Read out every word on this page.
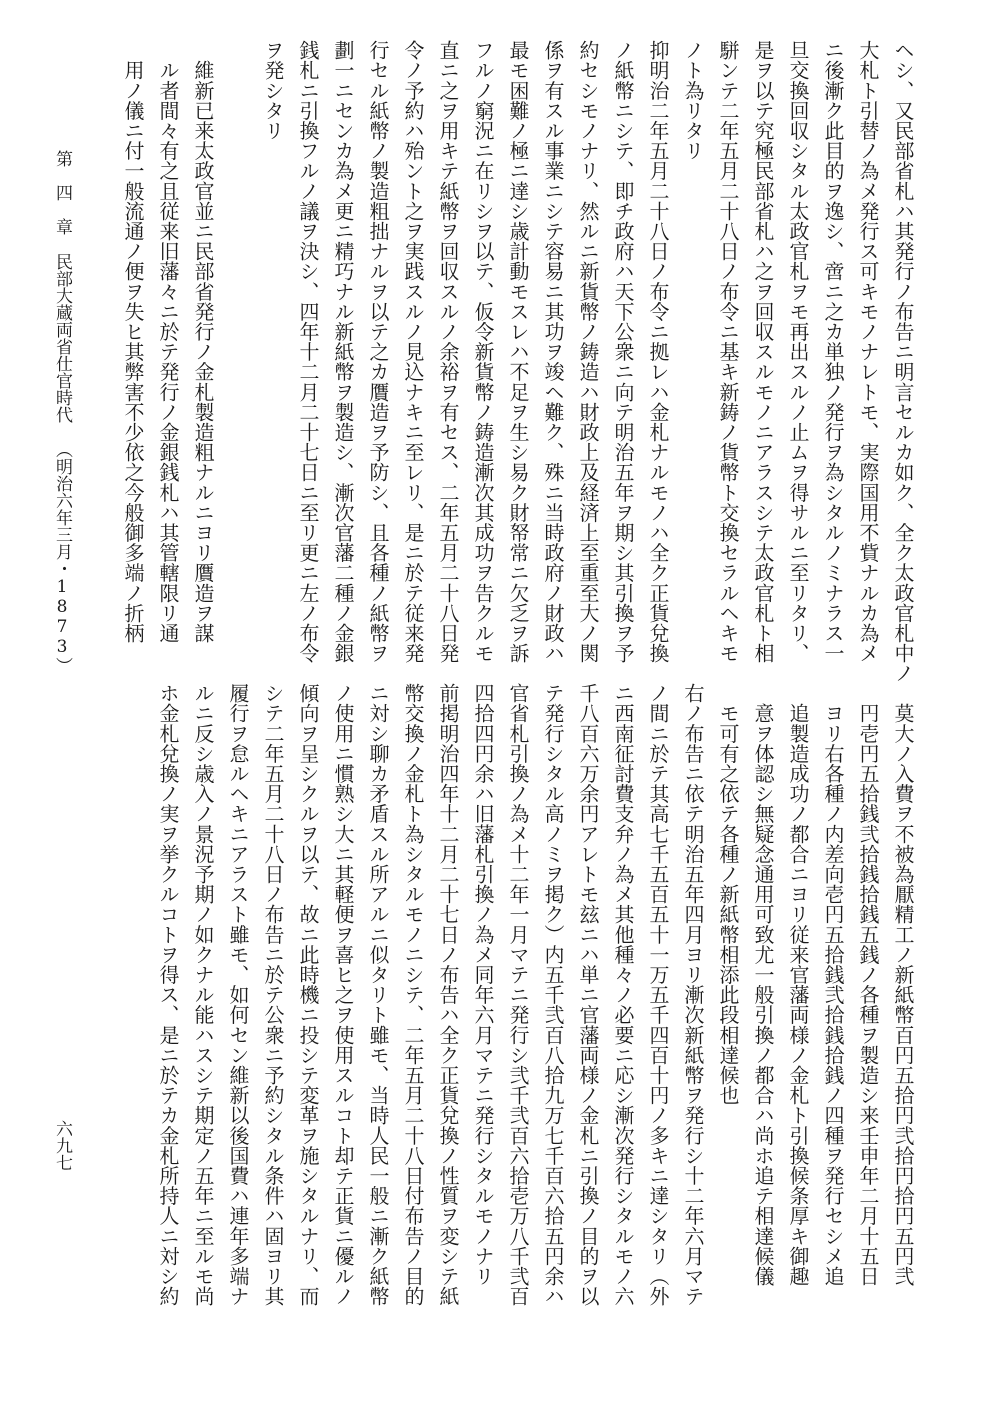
ヘシ、又民部省札ハ其発行ノ布告ニ明言セルカ如ク、全ク太政官札中ノ

大札ト引替ノ為メ発行ス可キモノナレトモ、実際国用不貲ナルカ為メ

ニ後漸ク此目的ヲ逸シ、啻ニ之カ単独ノ発行ヲ為シタルノミナラス一

旦交換回収シタル太政官札ヲモ再出スルノ止ムヲ得サルニ至リタリ、

是ヲ以テ究極民部省札ハ之ヲ回収スルモノニアラスシテ太政官札ト相

駢ンテ二年五月二十八日ノ布令ニ基キ新鋳ノ貨幣ト交換セラルヘキモ

ノト為リタリ

抑明治二年五月二十八日ノ布令ニ拠レハ金札ナルモノハ全ク正貨兌換

ノ紙幣ニシテ、即チ政府ハ天下公衆ニ向テ明治五年ヲ期シ其引換ヲ予

約セシモノナリ、然ルニ新貨幣ノ鋳造ハ財政上及経済上至重至大ノ関

係ヲ有スル事業ニシテ容易ニ其功ヲ竣ヘ難ク、殊ニ当時政府ノ財政ハ

最モ困難ノ極ニ達シ歳計動モスレハ不足ヲ生シ易ク財帑常ニ欠乏ヲ訴

フルノ窮況ニ在リシヲ以テ、仮令新貨幣ノ鋳造漸次其成功ヲ告クルモ

直ニ之ヲ用キテ紙幣ヲ回収スルノ余裕ヲ有セス、二年五月二十八日発

令ノ予約ハ殆ント之ヲ実践スルノ見込ナキニ至レリ、是ニ於テ従来発

行セル紙幣ノ製造粗拙ナルヲ以テ之カ贋造ヲ予防シ、且各種ノ紙幣ヲ

劃一ニセンカ為メ更ニ精巧ナル新紙幣ヲ製造シ、漸次官藩二種ノ金銀

銭札ニ引換フルノ議ヲ決シ、四年十二月二十七日ニ至リ更ニ左ノ布令

ヲ発シタリ

　維新已来太政官並ニ民部省発行ノ金札製造粗ナルニヨリ贋造ヲ謀

　ル者間々有之且従来旧藩々ニ於テ発行ノ金銀銭札ハ其管轄限リ通

　用ノ儀ニ付一般流通ノ便ヲ失ヒ其弊害不少依之今般御多端ノ折柄

　莫大ノ入費ヲ不被為厭精工ノ新紙幣百円五拾円弐拾円拾円五円弐

　円壱円五拾銭弐拾銭拾銭五銭ノ各種ヲ製造シ来壬申年二月十五日

　ヨリ右各種ノ内差向壱円五拾銭弐拾銭拾銭ノ四種ヲ発行セシメ追

　追製造成功ノ都合ニヨリ従来官藩両様ノ金札ト引換候条厚キ御趣

　意ヲ体認シ無疑念通用可致尤一般引換ノ都合ハ尚ホ追テ相達候儀

　モ可有之依テ各種ノ新紙幣相添此段相達候也

右ノ布告ニ依テ明治五年四月ヨリ漸次新紙幣ヲ発行シ十二年六月マテ

ノ間ニ於テ其高七千五百五十一万五千四百十円ノ多キニ達シタリ（外

ニ西南征討費支弁ノ為メ其他種々ノ必要ニ応シ漸次発行シタルモノ六

千八百六万余円アレトモ玆ニハ単ニ官藩両様ノ金札ニ引換ノ目的ヲ以

テ発行シタル高ノミヲ掲ク）内五千弐百八拾九万七千百六拾五円余ハ

官省札引換ノ為メ十二年一月マテニ発行シ弐千弐百六拾壱万八千弐百

四拾四円余ハ旧藩札引換ノ為メ同年六月マテニ発行シタルモノナリ

前掲明治四年十二月二十七日ノ布告ハ全ク正貨兌換ノ性質ヲ変シテ紙

幣交換ノ金札ト為シタルモノニシテ、二年五月二十八日付布告ノ目的

ニ対シ聊カ矛盾スル所アルニ似タリト雖モ、当時人民一般ニ漸ク紙幣

ノ使用ニ慣熟シ大ニ其軽便ヲ喜ヒ之ヲ使用スルコト却テ正貨ニ優ルノ

傾向ヲ呈シクルヲ以テ、故ニ此時機ニ投シテ変革ヲ施シタルナリ、而

シテ二年五月二十八日ノ布告ニ於テ公衆ニ予約シタル条件ハ固ヨリ其

履行ヲ怠ルヘキニアラスト雖モ、如何セン維新以後国費ハ連年多端ナ

ルニ反シ歳入ノ景況予期ノ如クナル能ハスシテ期定ノ五年ニ至ルモ尚

ホ金札兌換ノ実ヲ挙クルコトヲ得ス、是ニ於テカ金札所持人ニ対シ約

第　四　章民部大蔵両省仕官時代（明治六年三月・1873）
六九七
